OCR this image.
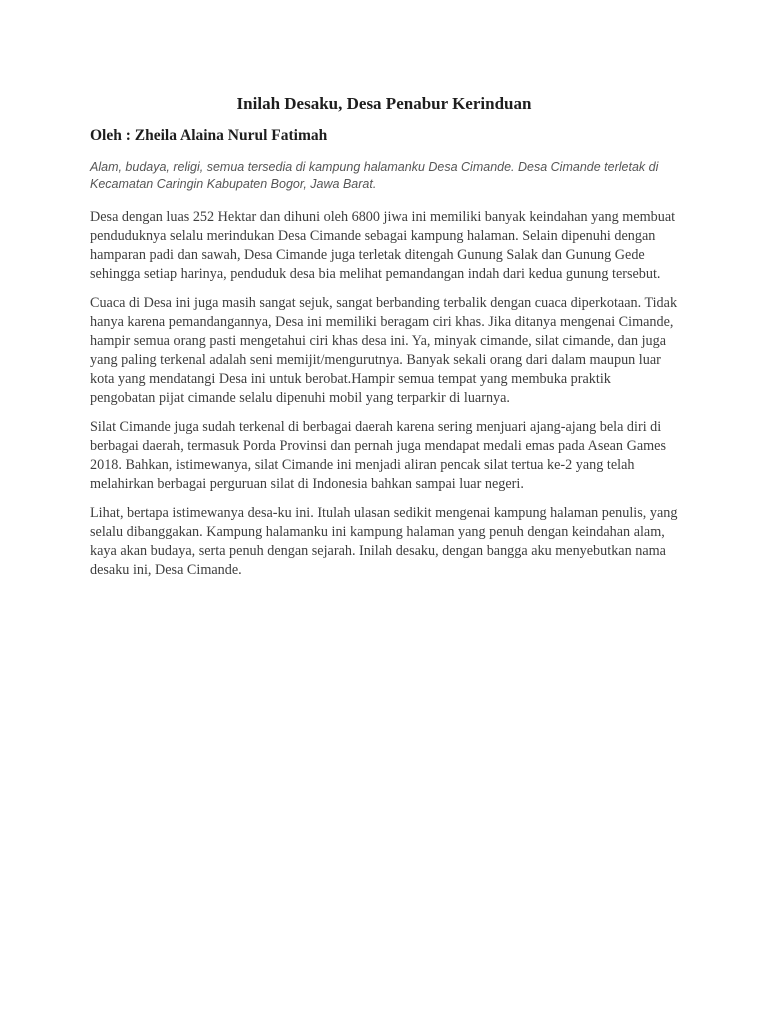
Inilah Desaku, Desa Penabur Kerinduan

Oleh : Zheila Alaina Nurul Fatimah

Alam, budaya, religi, semua tersedia di kampung halamanku Desa Cimande. Desa Cimande terletak di Kecamatan Caringin Kabupaten Bogor, Jawa Barat.

Desa dengan luas 252 Hektar dan dihuni oleh 6800 jiwa ini memiliki banyak keindahan yang membuat penduduknya selalu merindukan Desa Cimande sebagai kampung halaman. Selain dipenuhi dengan hamparan padi dan sawah, Desa Cimande juga terletak ditengah Gunung Salak dan Gunung Gede sehingga setiap harinya, penduduk desa bia melihat pemandangan indah dari kedua gunung tersebut.

Cuaca di Desa ini juga masih sangat sejuk, sangat berbanding terbalik dengan cuaca diperkotaan. Tidak hanya karena pemandangannya, Desa ini memiliki beragam ciri khas. Jika ditanya mengenai Cimande, hampir semua orang pasti mengetahui ciri khas desa ini. Ya, minyak cimande, silat cimande, dan juga yang paling terkenal adalah seni memijit/mengurutnya. Banyak sekali orang dari dalam maupun luar kota yang mendatangi Desa ini untuk berobat.Hampir semua tempat yang membuka praktik pengobatan pijat cimande selalu dipenuhi mobil yang terparkir di luarnya.

Silat Cimande juga sudah terkenal di berbagai daerah karena sering menjuari ajang-ajang bela diri di berbagai daerah, termasuk Porda Provinsi dan pernah juga mendapat medali emas pada Asean Games 2018. Bahkan, istimewanya, silat Cimande ini menjadi aliran pencak silat tertua ke-2 yang telah melahirkan berbagai perguruan silat di Indonesia bahkan sampai luar negeri.

Lihat, bertapa istimewanya desa-ku ini. Itulah ulasan sedikit mengenai kampung halaman penulis, yang selalu dibanggakan. Kampung halamanku ini kampung halaman yang penuh dengan keindahan alam, kaya akan budaya, serta penuh dengan sejarah. Inilah desaku, dengan bangga aku menyebutkan nama desaku ini, Desa Cimande.
